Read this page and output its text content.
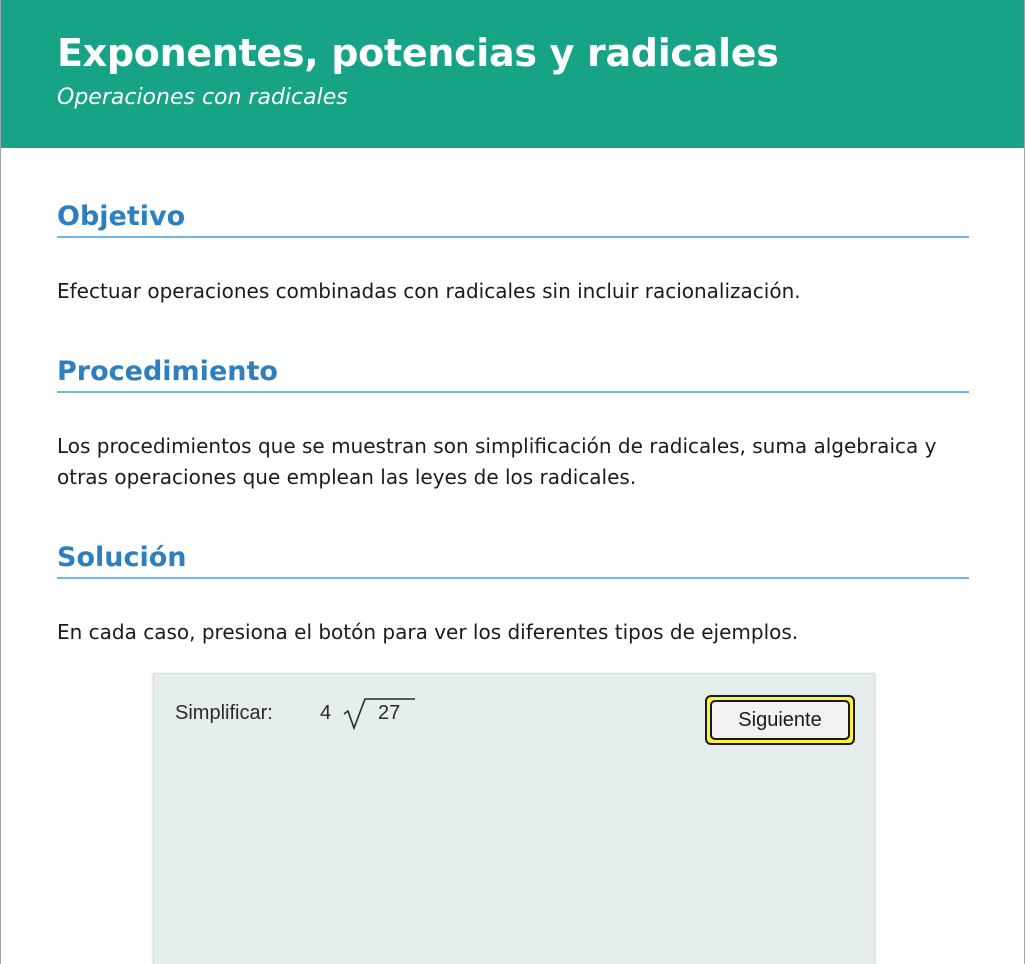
Exponentes, potencias y radicales
Operaciones con radicales
Objetivo

Efectuar operaciones combinadas con radicales sin incluir racionalización.

Procedimiento

Los procedimientos que se muestran son simplificación de radicales, suma algebraica y otras operaciones que emplean las leyes de los radicales.

Solución

En cada caso, presiona el botón para ver los diferentes tipos de ejemplos.

Simplificar: 4 27	Siguiente
